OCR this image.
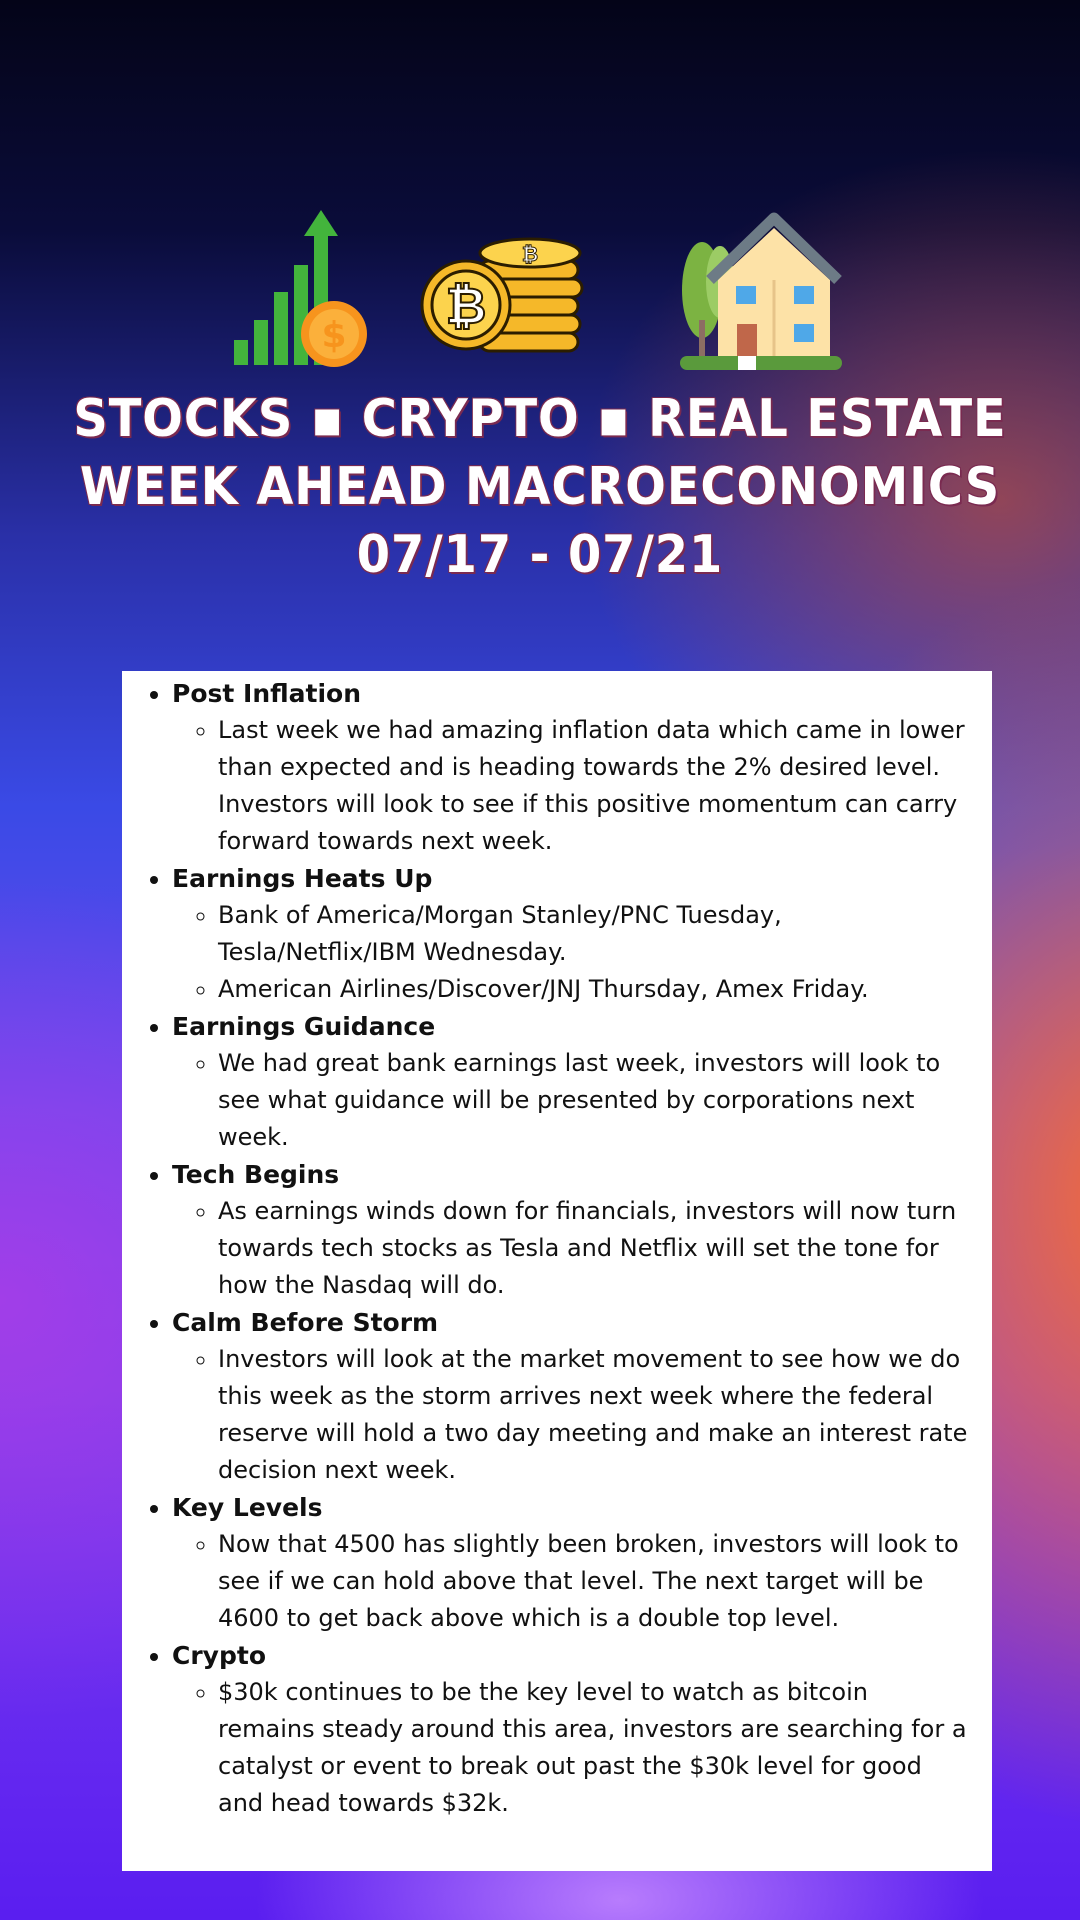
$
₿
₿
STOCKS ▪ CRYPTO ▪ REAL ESTATE
WEEK AHEAD MACROECONOMICS
07/17 - 07/21
• Post Inflation
◦ Last week we had amazing inflation data which came in lower than expected and is heading towards the 2% desired level. Investors will look to see if this positive momentum can carry forward towards next week.
• Earnings Heats Up
◦ Bank of America/Morgan Stanley/PNC Tuesday, Tesla/Netflix/IBM Wednesday.
◦ American Airlines/Discover/JNJ Thursday, Amex Friday.
• Earnings Guidance
◦ We had great bank earnings last week, investors will look to see what guidance will be presented by corporations next week.
• Tech Begins
◦ As earnings winds down for financials, investors will now turn towards tech stocks as Tesla and Netflix will set the tone for how the Nasdaq will do.
• Calm Before Storm
◦ Investors will look at the market movement to see how we do this week as the storm arrives next week where the federal reserve will hold a two day meeting and make an interest rate decision next week.
• Key Levels
◦ Now that 4500 has slightly been broken, investors will look to see if we can hold above that level. The next target will be 4600 to get back above which is a double top level.
• Crypto
◦ $30k continues to be the key level to watch as bitcoin remains steady around this area, investors are searching for a catalyst or event to break out past the $30k level for good and head towards $32k.
